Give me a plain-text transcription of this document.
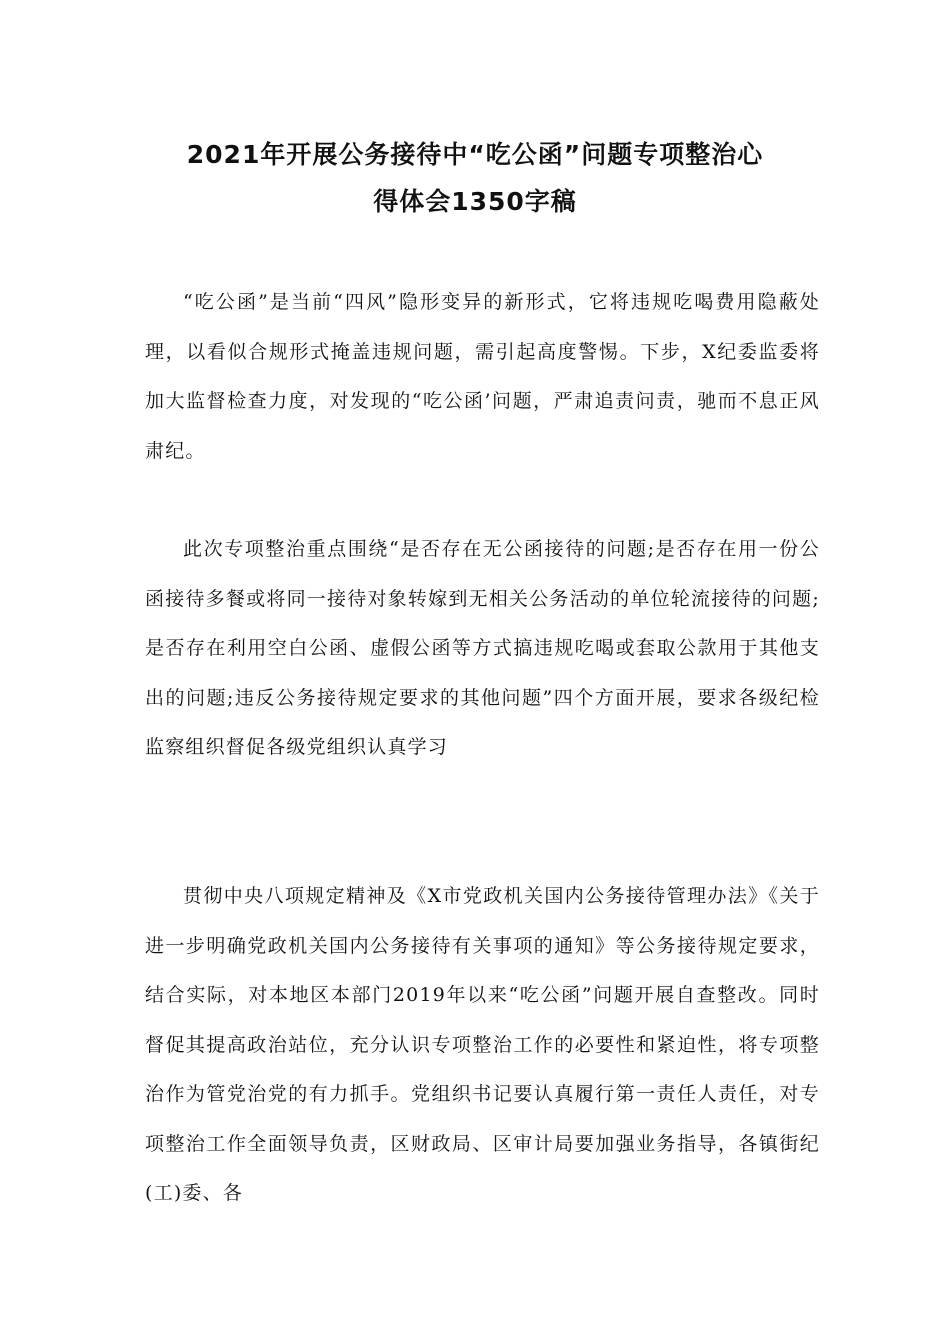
2021年开展公务接待中“吃公函”问题专项整治心
得体会1350字稿

“吃公函”是当前“四风”隐形变异的新形式，它将违规吃喝费用隐蔽处理，以看似合规形式掩盖违规问题，需引起高度警惕。下步，X纪委监委将加大监督检查力度，对发现的“吃公函’问题，严肃追责问责，驰而不息正风肃纪。

此次专项整治重点围绕“是否存在无公函接待的问题;是否存在用一份公函接待多餐或将同一接待对象转嫁到无相关公务活动的单位轮流接待的问题;是否存在利用空白公函、虚假公函等方式搞违规吃喝或套取公款用于其他支出的问题;违反公务接待规定要求的其他问题”四个方面开展，要求各级纪检监察组织督促各级党组织认真学习

贯彻中央八项规定精神及《X市党政机关国内公务接待管理办法》《关于进一步明确党政机关国内公务接待有关事项的通知》等公务接待规定要求，结合实际，对本地区本部门2019年以来“吃公函”问题开展自查整改。同时督促其提高政治站位，充分认识专项整治工作的必要性和紧迫性，将专项整治作为管党治党的有力抓手。党组织书记要认真履行第一责任人责任，对专项整治工作全面领导负责，区财政局、区审计局要加强业务指导，各镇街纪(工)委、各
